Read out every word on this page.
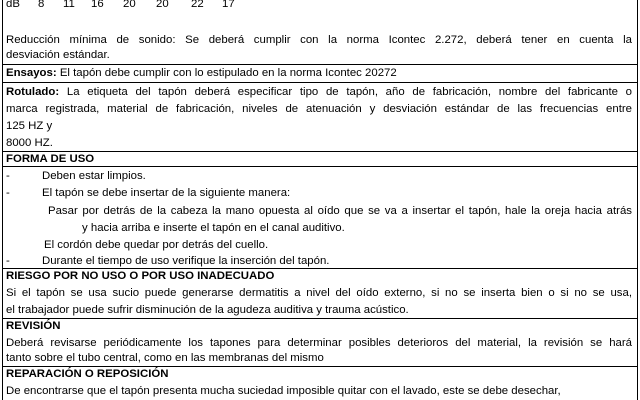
dB 8 11 16 20 20 22 17
Reducción mínima de sonido: Se deberá cumplir con la norma Icontec 2.272, deberá tener en cuenta la
desviación estándar.
Ensayos: El tapón debe cumplir con lo estipulado en la norma Icontec 20272
Rotulado: La etiqueta del tapón deberá especificar tipo de tapón, año de fabricación, nombre del fabricante o
marca registrada, material de fabricación, niveles de atenuación y desviación estándar de las frecuencias entre
125 HZ y
8000 HZ.
FORMA DE USO
-	Deben estar limpios.
-	El tapón se debe insertar de la siguiente manera:
Pasar por detrás de la cabeza la mano opuesta al oído que se va a insertar el tapón, hale la oreja hacia atrás
y hacia arriba e inserte el tapón en el canal auditivo.
El cordón debe quedar por detrás del cuello.
-	Durante el tiempo de uso verifique la inserción del tapón.
RIESGO POR NO USO O POR USO INADECUADO
Si el tapón se usa sucio puede generarse dermatitis a nivel del oído externo, si no se inserta bien o si no se usa,
el trabajador puede sufrir disminución de la agudeza auditiva y trauma acústico.
REVISIÓN
Deberá revisarse periódicamente los tapones para determinar posibles deterioros del material, la revisión se hará
tanto sobre el tubo central, como en las membranas del mismo
REPARACIÓN O REPOSICIÓN
De encontrarse que el tapón presenta mucha suciedad imposible quitar con el lavado, este se debe desechar,
